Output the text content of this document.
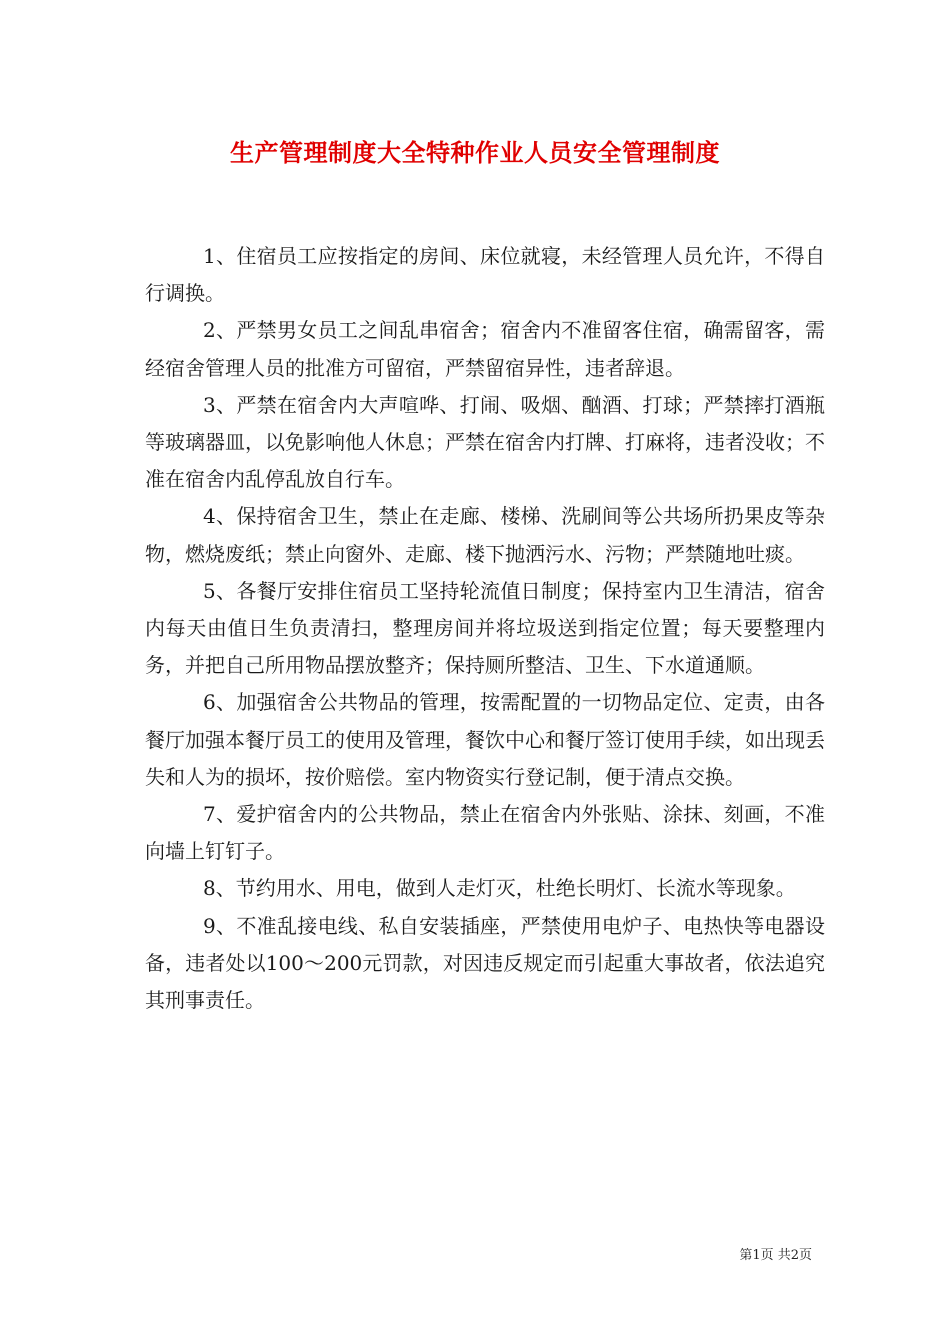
生产管理制度大全特种作业人员安全管理制度

1、住宿员工应按指定的房间、床位就寝，未经管理人员允许，不得自行调换。

2、严禁男女员工之间乱串宿舍；宿舍内不准留客住宿，确需留客，需经宿舍管理人员的批准方可留宿，严禁留宿异性，违者辞退。

3、严禁在宿舍内大声喧哗、打闹、吸烟、酗酒、打球；严禁摔打酒瓶等玻璃器皿，以免影响他人休息；严禁在宿舍内打牌、打麻将，违者没收；不准在宿舍内乱停乱放自行车。

4、保持宿舍卫生，禁止在走廊、楼梯、洗刷间等公共场所扔果皮等杂物，燃烧废纸；禁止向窗外、走廊、楼下抛洒污水、污物；严禁随地吐痰。

5、各餐厅安排住宿员工坚持轮流值日制度；保持室内卫生清洁，宿舍内每天由值日生负责清扫，整理房间并将垃圾送到指定位置；每天要整理内务，并把自己所用物品摆放整齐；保持厕所整洁、卫生、下水道通顺。

6、加强宿舍公共物品的管理，按需配置的一切物品定位、定责，由各餐厅加强本餐厅员工的使用及管理，餐饮中心和餐厅签订使用手续，如出现丢失和人为的损坏，按价赔偿。室内物资实行登记制，便于清点交换。

7、爱护宿舍内的公共物品，禁止在宿舍内外张贴、涂抹、刻画，不准向墙上钉钉子。

8、节约用水、用电，做到人走灯灭，杜绝长明灯、长流水等现象。

9、不准乱接电线、私自安装插座，严禁使用电炉子、电热快等电器设备，违者处以100～200元罚款，对因违反规定而引起重大事故者，依法追究其刑事责任。

第1页 共2页
